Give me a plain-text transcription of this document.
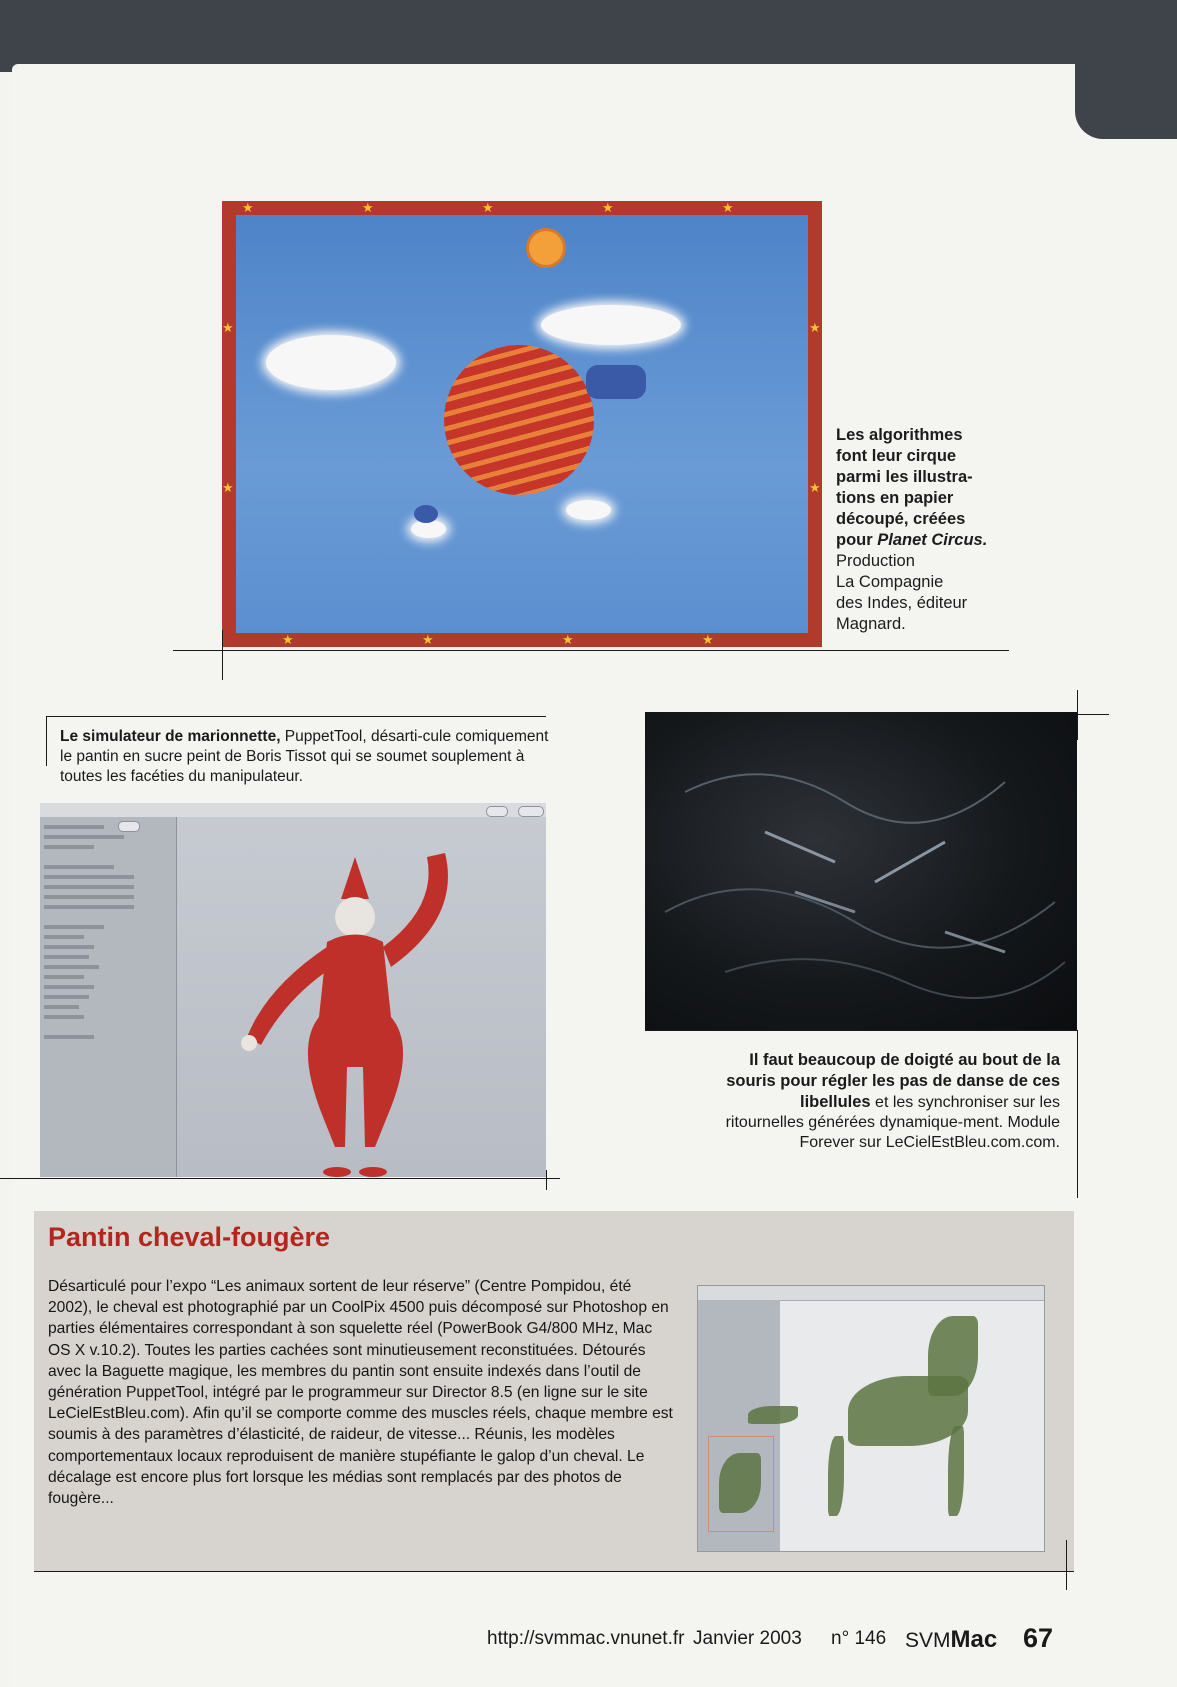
★	★	★	★	★
★	★	★	★
★
★
★
★
Les algorithmes
font leur cirque
parmi les illustra-
tions en papier
découpé, créées
pour Planet Circus. Production
La Compagnie
des Indes, éditeur
Magnard.
Le simulateur de marionnette, PuppetTool, désarti-cule comiquement le pantin en sucre peint de Boris Tissot qui se soumet souplement à toutes les facéties du manipulateur.
Il faut beaucoup de doigté au bout de la souris pour régler les pas de danse de ces libellules et les synchroniser sur les ritournelles générées dynamique-ment. Module Forever sur LeCielEstBleu.com.com.
Pantin cheval-fougère
Désarticulé pour l’expo “Les animaux sortent de leur réserve” (Centre Pompidou, été 2002), le cheval est photographié par un CoolPix 4500 puis décomposé sur Photoshop en parties élémentaires correspondant à son squelette réel (PowerBook G4/800 MHz, Mac OS X v.10.2). Toutes les parties cachées sont minutieusement reconstituées. Détourés avec la Baguette magique, les membres du pantin sont ensuite indexés dans l’outil de génération PuppetTool, intégré par le programmeur sur Director 8.5 (en ligne sur le site LeCielEstBleu.com). Afin qu’il se comporte comme des muscles réels, chaque membre est soumis à des paramètres d’élasticité, de raideur, de vitesse... Réunis, les modèles comportementaux locaux reproduisent de manière stupéfiante le galop d’un cheval. Le décalage est encore plus fort lorsque les médias sont remplacés par des photos de fougère...
http://svmmac.vnunet.fr Janvier 2003 n° 146 SVMMac 67
